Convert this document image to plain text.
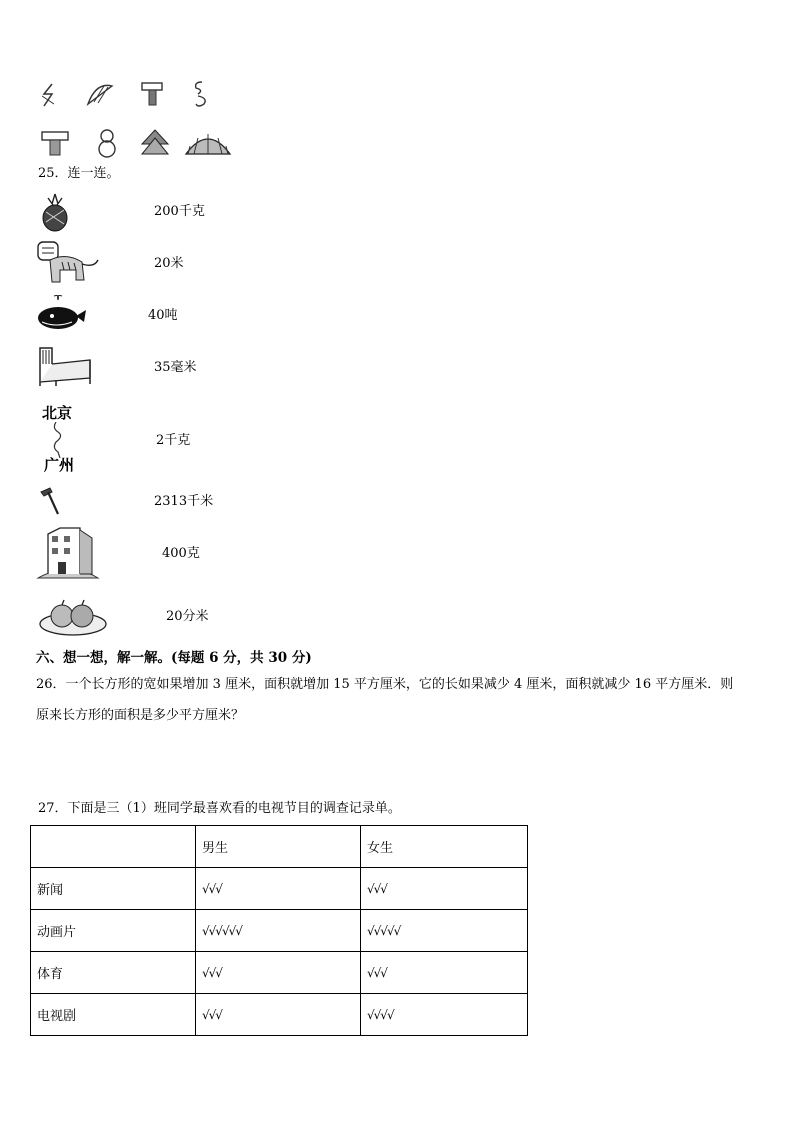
25．连一连。
200千克
20米
40吨
35毫米
北京
广州
2千克
2313千米
400克
20分米
六、想一想，解一解。(每题 6 分，共 30 分)
26．一个长方形的宽如果增加 3 厘米，面积就增加 15 平方厘米，它的长如果减少 4 厘米，面积就减少 16 平方厘米．则
原来长方形的面积是多少平方厘米？
27．下面是三（1）班同学最喜欢看的电视节目的调查记录单。
	男生	女生
新闻	√√√	√√√
动画片	√√√√√√	√√√√√
体育	√√√	√√√
电视剧	√√√	√√√√
